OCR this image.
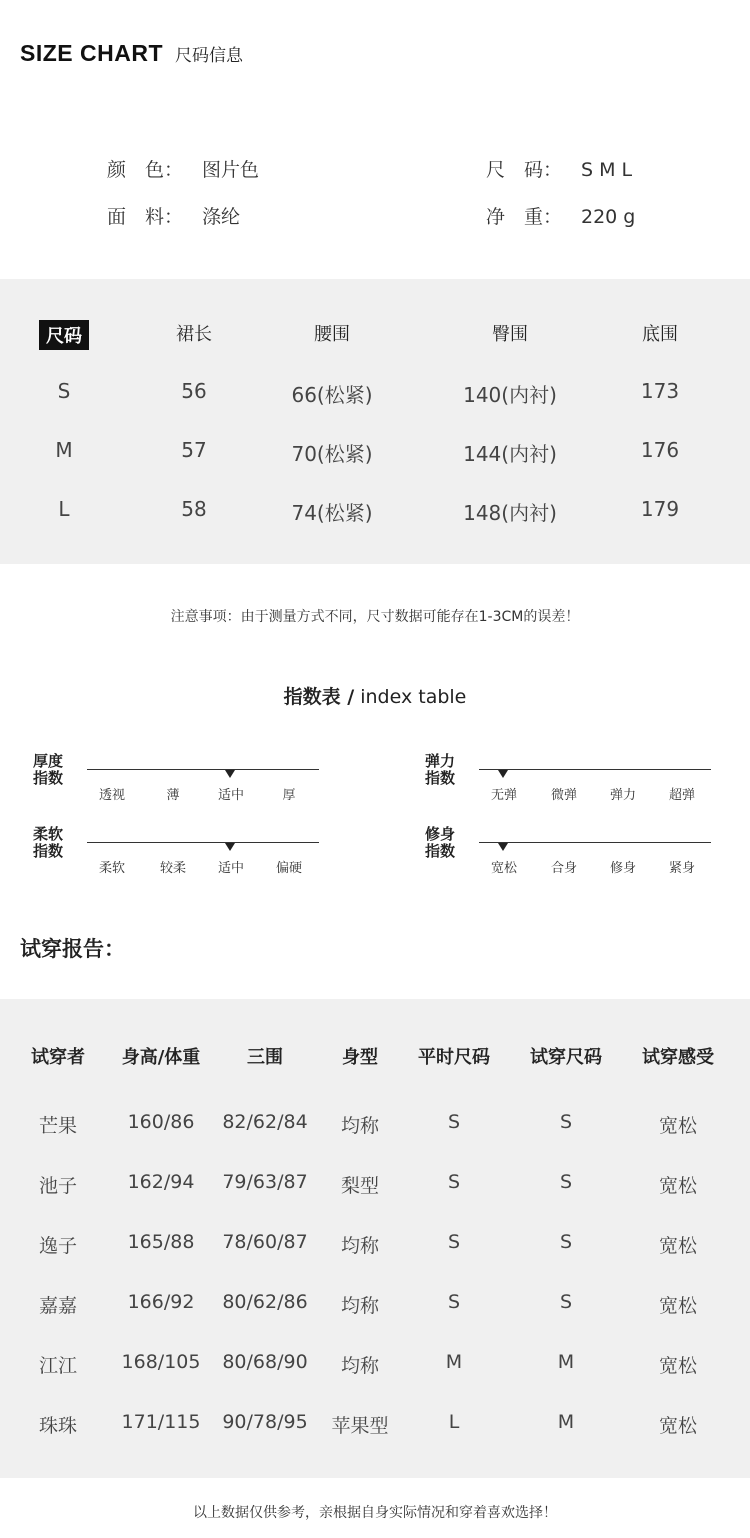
SIZE CHART 尺码信息
颜　色： 图片色	尺　码： S M L
面　料： 涤纶	净　重： 220 g
尺码	裙长	腰围	臀围	底围
S	56	66(松紧)	140(内衬)	173
M	57	70(松紧)	144(内衬)	176
L	58	74(松紧)	148(内衬)	179
注意事项：由于测量方式不同，尺寸数据可能存在1-3CM的误差！
指数表 / index table
厚度
指数
透视	薄	适中	厚
弹力
指数
无弹	微弹	弹力	超弹
柔软
指数
柔软	较柔 适中 偏硬
修身
指数
宽松	合身	修身	紧身
试穿报告：
试穿者 身高/体重	三围	身型 平时尺码 试穿尺码 试穿感受
芒果	160/86 82/62/84 均称	S	S	宽松
池子	162/94 79/63/87 梨型	S	S	宽松
逸子	165/88 78/60/87 均称	S	S	宽松
嘉嘉	166/92 80/62/86 均称	S	S	宽松
江江 168/105 80/68/90 均称	M	M	宽松
珠珠 171/115 90/78/95 苹果型	L	M	宽松
以上数据仅供参考，亲根据自身实际情况和穿着喜欢选择！
